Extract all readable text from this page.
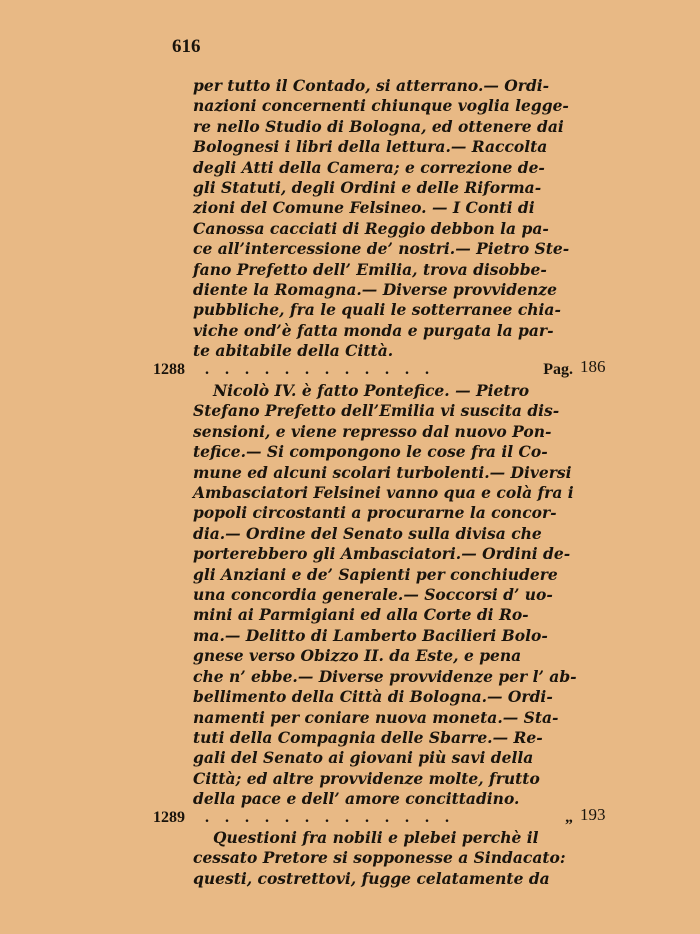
616
per tutto il Contado, si atterrano.— Ordi-
nazioni concernenti chiunque voglia legge-
re nello Studio di Bologna, ed ottenere dai
Bolognesi i libri della lettura.— Raccolta
degli Atti della Camera; e correzione de-
gli Statuti, degli Ordini e delle Riforma-
zioni del Comune Felsineo. — I Conti di
Canossa cacciati di Reggio debbon la pa-
ce all’intercessione de’ nostri.— Pietro Ste-
fano Prefetto dell’ Emilia, trova disobbe-
diente la Romagna.— Diverse provvidenze
pubbliche, fra le quali le sotterranee chia-
viche ond’è fatta monda e purgata la par-
te abitabile della Città.
1288 . . . . . . . . . . . .	Pag. 186
Nicolò IV. è fatto Pontefice. — Pietro
Stefano Prefetto dell’Emilia vi suscita dis-
sensioni, e viene represso dal nuovo Pon-
tefice.— Si compongono le cose fra il Co-
mune ed alcuni scolari turbolenti.— Diversi
Ambasciatori Felsinei vanno qua e colà fra i
popoli circostanti a procurarne la concor-
dia.— Ordine del Senato sulla divisa che
porterebbero gli Ambasciatori.— Ordini de-
gli Anziani e de’ Sapienti per conchiudere
una concordia generale.— Soccorsi d’ uo-
mini ai Parmigiani ed alla Corte di Ro-
ma.— Delitto di Lamberto Bacilieri Bolo-
gnese verso Obizzo II. da Este, e pena
che n’ ebbe.— Diverse provvidenze per l’ ab-
bellimento della Città di Bologna.— Ordi-
namenti per coniare nuova moneta.— Sta-
tuti della Compagnia delle Sbarre.— Re-
gali del Senato ai giovani più savi della
Città; ed altre provvidenze molte, frutto
della pace e dell’ amore concittadino.
1289 . . . . . . . . . . . . .	„ 193
Questioni fra nobili e plebei perchè il
cessato Pretore si sopponesse a Sindacato:
questi, costrettovi, fugge celatamente da
